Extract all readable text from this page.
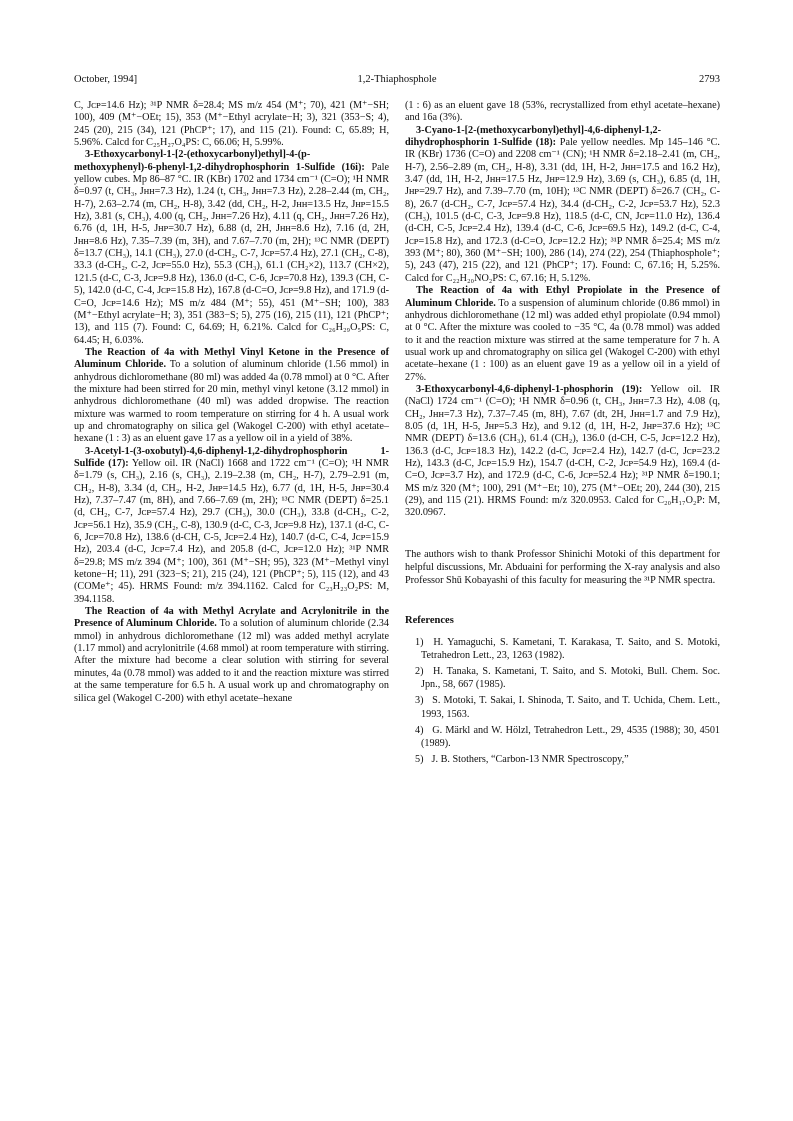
October, 1994]	1,2-Thiaphosphole	2793

C, Jᴄᴘ=14.6 Hz); ³¹P NMR δ=28.4; MS m/z 454 (M⁺; 70), 421 (M⁺−SH; 100), 409 (M⁺−OEt; 15), 353 (M⁺−Ethyl acrylate−H; 3), 321 (353−S; 4), 245 (20), 215 (34), 121 (PhCP⁺; 17), and 115 (21). Found: C, 65.89; H, 5.96%. Calcd for C₂₅H₂₇O₄PS: C, 66.06; H, 5.99%.

3-Ethoxycarbonyl-1-[2-(ethoxycarbonyl)ethyl]-4-(p-methoxyphenyl)-6-phenyl-1,2-dihydrophosphorin 1-Sulfide (16i): Pale yellow cubes. Mp 86–87 °C. IR (KBr) 1702 and 1734 cm⁻¹ (C=O); ¹H NMR δ=0.97 (t, CH₃, Jʜʜ=7.3 Hz), 1.24 (t, CH₃, Jʜʜ=7.3 Hz), 2.28–2.44 (m, CH₂, H-7), 2.63–2.74 (m, CH₂, H-8), 3.42 (dd, CH₂, H-2, Jʜʜ=13.5 Hz, Jʜᴘ=15.5 Hz), 3.81 (s, CH₃), 4.00 (q, CH₂, Jʜʜ=7.26 Hz), 4.11 (q, CH₂, Jʜʜ=7.26 Hz), 6.76 (d, 1H, H-5, Jʜᴘ=30.7 Hz), 6.88 (d, 2H, Jʜʜ=8.6 Hz), 7.16 (d, 2H, Jʜʜ=8.6 Hz), 7.35–7.39 (m, 3H), and 7.67–7.70 (m, 2H); ¹³C NMR (DEPT) δ=13.7 (CH₃), 14.1 (CH₃), 27.0 (d-CH₂, C-7, Jᴄᴘ=57.4 Hz), 27.1 (CH₂, C-8), 33.3 (d-CH₂, C-2, Jᴄᴘ=55.0 Hz), 55.3 (CH₃), 61.1 (CH₂×2), 113.7 (CH×2), 121.5 (d-C, C-3, Jᴄᴘ=9.8 Hz), 136.0 (d-C, C-6, Jᴄᴘ=70.8 Hz), 139.3 (CH, C-5), 142.0 (d-C, C-4, Jᴄᴘ=15.8 Hz), 167.8 (d-C=O, Jᴄᴘ=9.8 Hz), and 171.9 (d-C=O, Jᴄᴘ=14.6 Hz); MS m/z 484 (M⁺; 55), 451 (M⁺−SH; 100), 383 (M⁺−Ethyl acrylate−H; 3), 351 (383−S; 5), 275 (16), 215 (11), 121 (PhCP⁺; 13), and 115 (7). Found: C, 64.69; H, 6.21%. Calcd for C₂₆H₂₉O₅PS: C, 64.45; H, 6.03%.

The Reaction of 4a with Methyl Vinyl Ketone in the Presence of Aluminum Chloride. To a solution of aluminum chloride (1.56 mmol) in anhydrous dichloromethane (80 ml) was added 4a (0.78 mmol) at 0 °C. After the mixture had been stirred for 20 min, methyl vinyl ketone (3.12 mmol) in anhydrous dichloromethane (40 ml) was added dropwise. The reaction mixture was warmed to room temperature on stirring for 4 h. A usual work up and chromatography on silica gel (Wakogel C-200) with ethyl acetate–hexane (1 : 3) as an eluent gave 17 as a yellow oil in a yield of 38%.

3-Acetyl-1-(3-oxobutyl)-4,6-diphenyl-1,2-dihydrophosphorin 1-Sulfide (17): Yellow oil. IR (NaCl) 1668 and 1722 cm⁻¹ (C=O); ¹H NMR δ=1.79 (s, CH₃), 2.16 (s, CH₃), 2.19–2.38 (m, CH₂, H-7), 2.79–2.91 (m, CH₂, H-8), 3.34 (d, CH₂, H-2, Jʜᴘ=14.5 Hz), 6.77 (d, 1H, H-5, Jʜᴘ=30.4 Hz), 7.37–7.47 (m, 8H), and 7.66–7.69 (m, 2H); ¹³C NMR (DEPT) δ=25.1 (d, CH₂, C-7, Jᴄᴘ=57.4 Hz), 29.7 (CH₃), 30.0 (CH₃), 33.8 (d-CH₂, C-2, Jᴄᴘ=56.1 Hz), 35.9 (CH₂, C-8), 130.9 (d-C, C-3, Jᴄᴘ=9.8 Hz), 137.1 (d-C, C-6, Jᴄᴘ=70.8 Hz), 138.6 (d-CH, C-5, Jᴄᴘ=2.4 Hz), 140.7 (d-C, C-4, Jᴄᴘ=15.9 Hz), 203.4 (d-C, Jᴄᴘ=7.4 Hz), and 205.8 (d-C, Jᴄᴘ=12.0 Hz); ³¹P NMR δ=29.8; MS m/z 394 (M⁺; 100), 361 (M⁺−SH; 95), 323 (M⁺−Methyl vinyl ketone−H; 11), 291 (323−S; 21), 215 (24), 121 (PhCP⁺; 5), 115 (12), and 43 (COMe⁺; 45). HRMS Found: m/z 394.1162. Calcd for C₂₃H₂₃O₂PS: M, 394.1158.

The Reaction of 4a with Methyl Acrylate and Acrylonitrile in the Presence of Aluminum Chloride. To a solution of aluminum chloride (2.34 mmol) in anhydrous dichloromethane (12 ml) was added methyl acrylate (1.17 mmol) and acrylonitrile (4.68 mmol) at room temperature with stirring. After the mixture had become a clear solution with stirring for several minutes, 4a (0.78 mmol) was added to it and the reaction mixture was stirred at the same temperature for 6.5 h. A usual work up and chromatography on silica gel (Wakogel C-200) with ethyl acetate–hexane

(1 : 6) as an eluent gave 18 (53%, recrystallized from ethyl acetate–hexane) and 16a (3%).

3-Cyano-1-[2-(methoxycarbonyl)ethyl]-4,6-diphenyl-1,2-dihydrophosphorin 1-Sulfide (18): Pale yellow needles. Mp 145–146 °C. IR (KBr) 1736 (C=O) and 2208 cm⁻¹ (CN); ¹H NMR δ=2.18–2.41 (m, CH₂, H-7), 2.56–2.89 (m, CH₂, H-8), 3.31 (dd, 1H, H-2, Jʜʜ=17.5 and 16.2 Hz), 3.47 (dd, 1H, H-2, Jʜʜ=17.5 Hz, Jʜᴘ=12.9 Hz), 3.69 (s, CH₃), 6.85 (d, 1H, Jʜᴘ=29.7 Hz), and 7.39–7.70 (m, 10H); ¹³C NMR (DEPT) δ=26.7 (CH₂, C-8), 26.7 (d-CH₂, C-7, Jᴄᴘ=57.4 Hz), 34.4 (d-CH₂, C-2, Jᴄᴘ=53.7 Hz), 52.3 (CH₃), 101.5 (d-C, C-3, Jᴄᴘ=9.8 Hz), 118.5 (d-C, CN, Jᴄᴘ=11.0 Hz), 136.4 (d-CH, C-5, Jᴄᴘ=2.4 Hz), 139.4 (d-C, C-6, Jᴄᴘ=69.5 Hz), 149.2 (d-C, C-4, Jᴄᴘ=15.8 Hz), and 172.3 (d-C=O, Jᴄᴘ=12.2 Hz); ³¹P NMR δ=25.4; MS m/z 393 (M⁺; 80), 360 (M⁺−SH; 100), 286 (14), 274 (22), 254 (Thiaphosphole⁺; 5), 243 (47), 215 (22), and 121 (PhCP⁺; 17). Found: C, 67.16; H, 5.25%. Calcd for C₂₂H₂₀NO₂PS: C, 67.16; H, 5.12%.

The Reaction of 4a with Ethyl Propiolate in the Presence of Aluminum Chloride. To a suspension of aluminum chloride (0.86 mmol) in anhydrous dichloromethane (12 ml) was added ethyl propiolate (0.94 mmol) at 0 °C. After the mixture was cooled to −35 °C, 4a (0.78 mmol) was added to it and the reaction mixture was stirred at the same temperature for 7 h. A usual work up and chromatography on silica gel (Wakogel C-200) with ethyl acetate–hexane (1 : 100) as an eluent gave 19 as a yellow oil in a yield of 27%.

3-Ethoxycarbonyl-4,6-diphenyl-1-phosphorin (19): Yellow oil. IR (NaCl) 1724 cm⁻¹ (C=O); ¹H NMR δ=0.96 (t, CH₃, Jʜʜ=7.3 Hz), 4.08 (q, CH₂, Jʜʜ=7.3 Hz), 7.37–7.45 (m, 8H), 7.67 (dt, 2H, Jʜʜ=1.7 and 7.9 Hz), 8.05 (d, 1H, H-5, Jʜᴘ=5.3 Hz), and 9.12 (d, 1H, H-2, Jʜᴘ=37.6 Hz); ¹³C NMR (DEPT) δ=13.6 (CH₃), 61.4 (CH₂), 136.0 (d-CH, C-5, Jᴄᴘ=12.2 Hz), 136.3 (d-C, Jᴄᴘ=18.3 Hz), 142.2 (d-C, Jᴄᴘ=2.4 Hz), 142.7 (d-C, Jᴄᴘ=23.2 Hz), 143.3 (d-C, Jᴄᴘ=15.9 Hz), 154.7 (d-CH, C-2, Jᴄᴘ=54.9 Hz), 169.4 (d-C=O, Jᴄᴘ=3.7 Hz), and 172.9 (d-C, C-6, Jᴄᴘ=52.4 Hz); ³¹P NMR δ=190.1; MS m/z 320 (M⁺; 100), 291 (M⁺−Et; 10), 275 (M⁺−OEt; 20), 244 (30), 215 (29), and 115 (21). HRMS Found: m/z 320.0953. Calcd for C₂₀H₁₇O₂P: M, 320.0967.

The authors wish to thank Professor Shinichi Motoki of this department for helpful discussions, Mr. Abduaini for performing the X-ray analysis and also Professor Shū Kobayashi of this faculty for measuring the ³¹P NMR spectra.

References

1) H. Yamaguchi, S. Kametani, T. Karakasa, T. Saito, and S. Motoki, Tetrahedron Lett., 23, 1263 (1982).
2) H. Tanaka, S. Kametani, T. Saito, and S. Motoki, Bull. Chem. Soc. Jpn., 58, 667 (1985).
3) S. Motoki, T. Sakai, I. Shinoda, T. Saito, and T. Uchida, Chem. Lett., 1993, 1563.
4) G. Märkl and W. Hölzl, Tetrahedron Lett., 29, 4535 (1988); 30, 4501 (1989).
5) J. B. Stothers, “Carbon-13 NMR Spectroscopy,”
